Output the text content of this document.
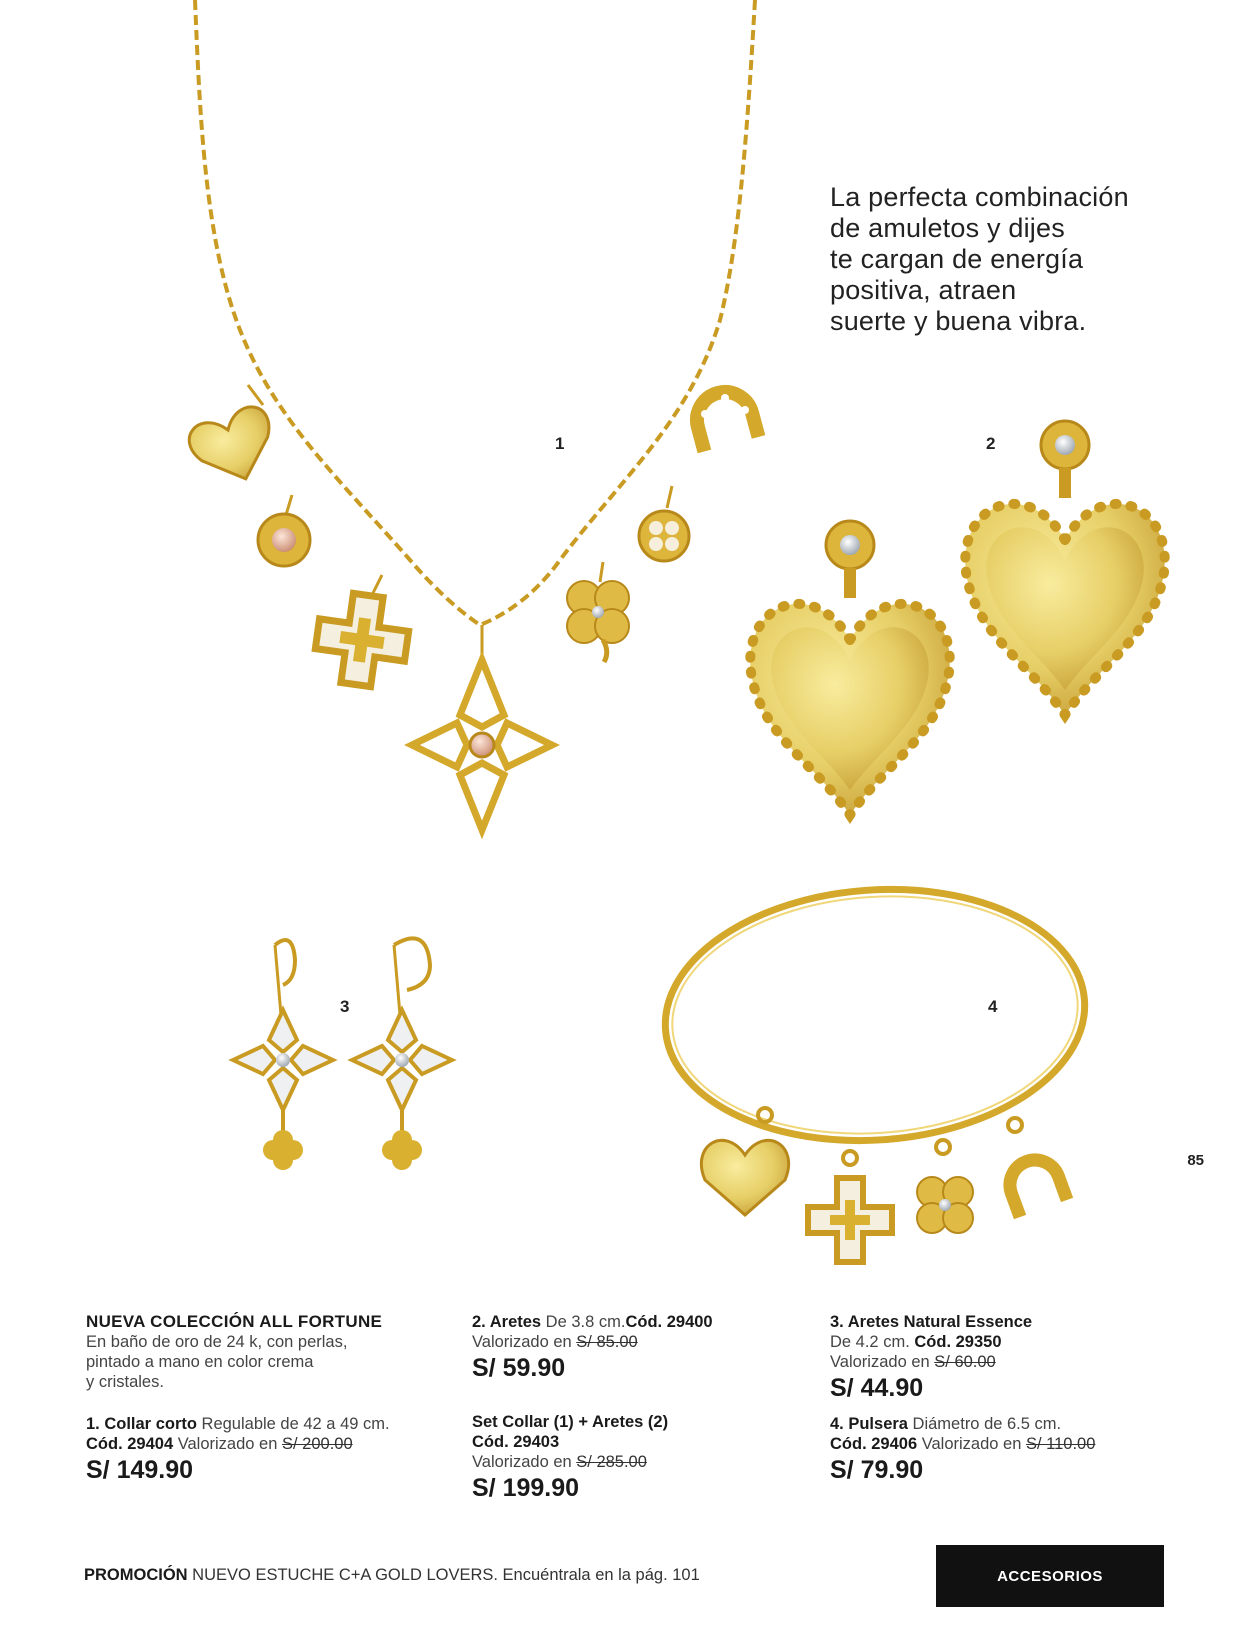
La perfecta combinación
de amuletos y dijes
te cargan de energía
positiva, atraen
suerte y buena vibra.
1	2
3	4
NUEVA COLECCIÓN ALL FORTUNE
En baño de oro de 24 k, con perlas,
pintado a mano en color crema
y cristales.
1. Collar corto Regulable de 42 a 49 cm.
Cód. 29404 Valorizado en S/ 200.00
S/ 149.90
2. Aretes De 3.8 cm.Cód. 29400
Valorizado en S/ 85.00
S/ 59.90
Set Collar (1) + Aretes (2)
Cód. 29403
Valorizado en S/ 285.00
S/ 199.90
3. Aretes Natural Essence
De 4.2 cm. Cód. 29350
Valorizado en S/ 60.00
S/ 44.90
4. Pulsera Diámetro de 6.5 cm.
Cód. 29406 Valorizado en S/ 110.00
S/ 79.90
85
PROMOCIÓN NUEVO ESTUCHE C+A GOLD LOVERS. Encuéntrala en la pág. 101	ACCESORIOS
